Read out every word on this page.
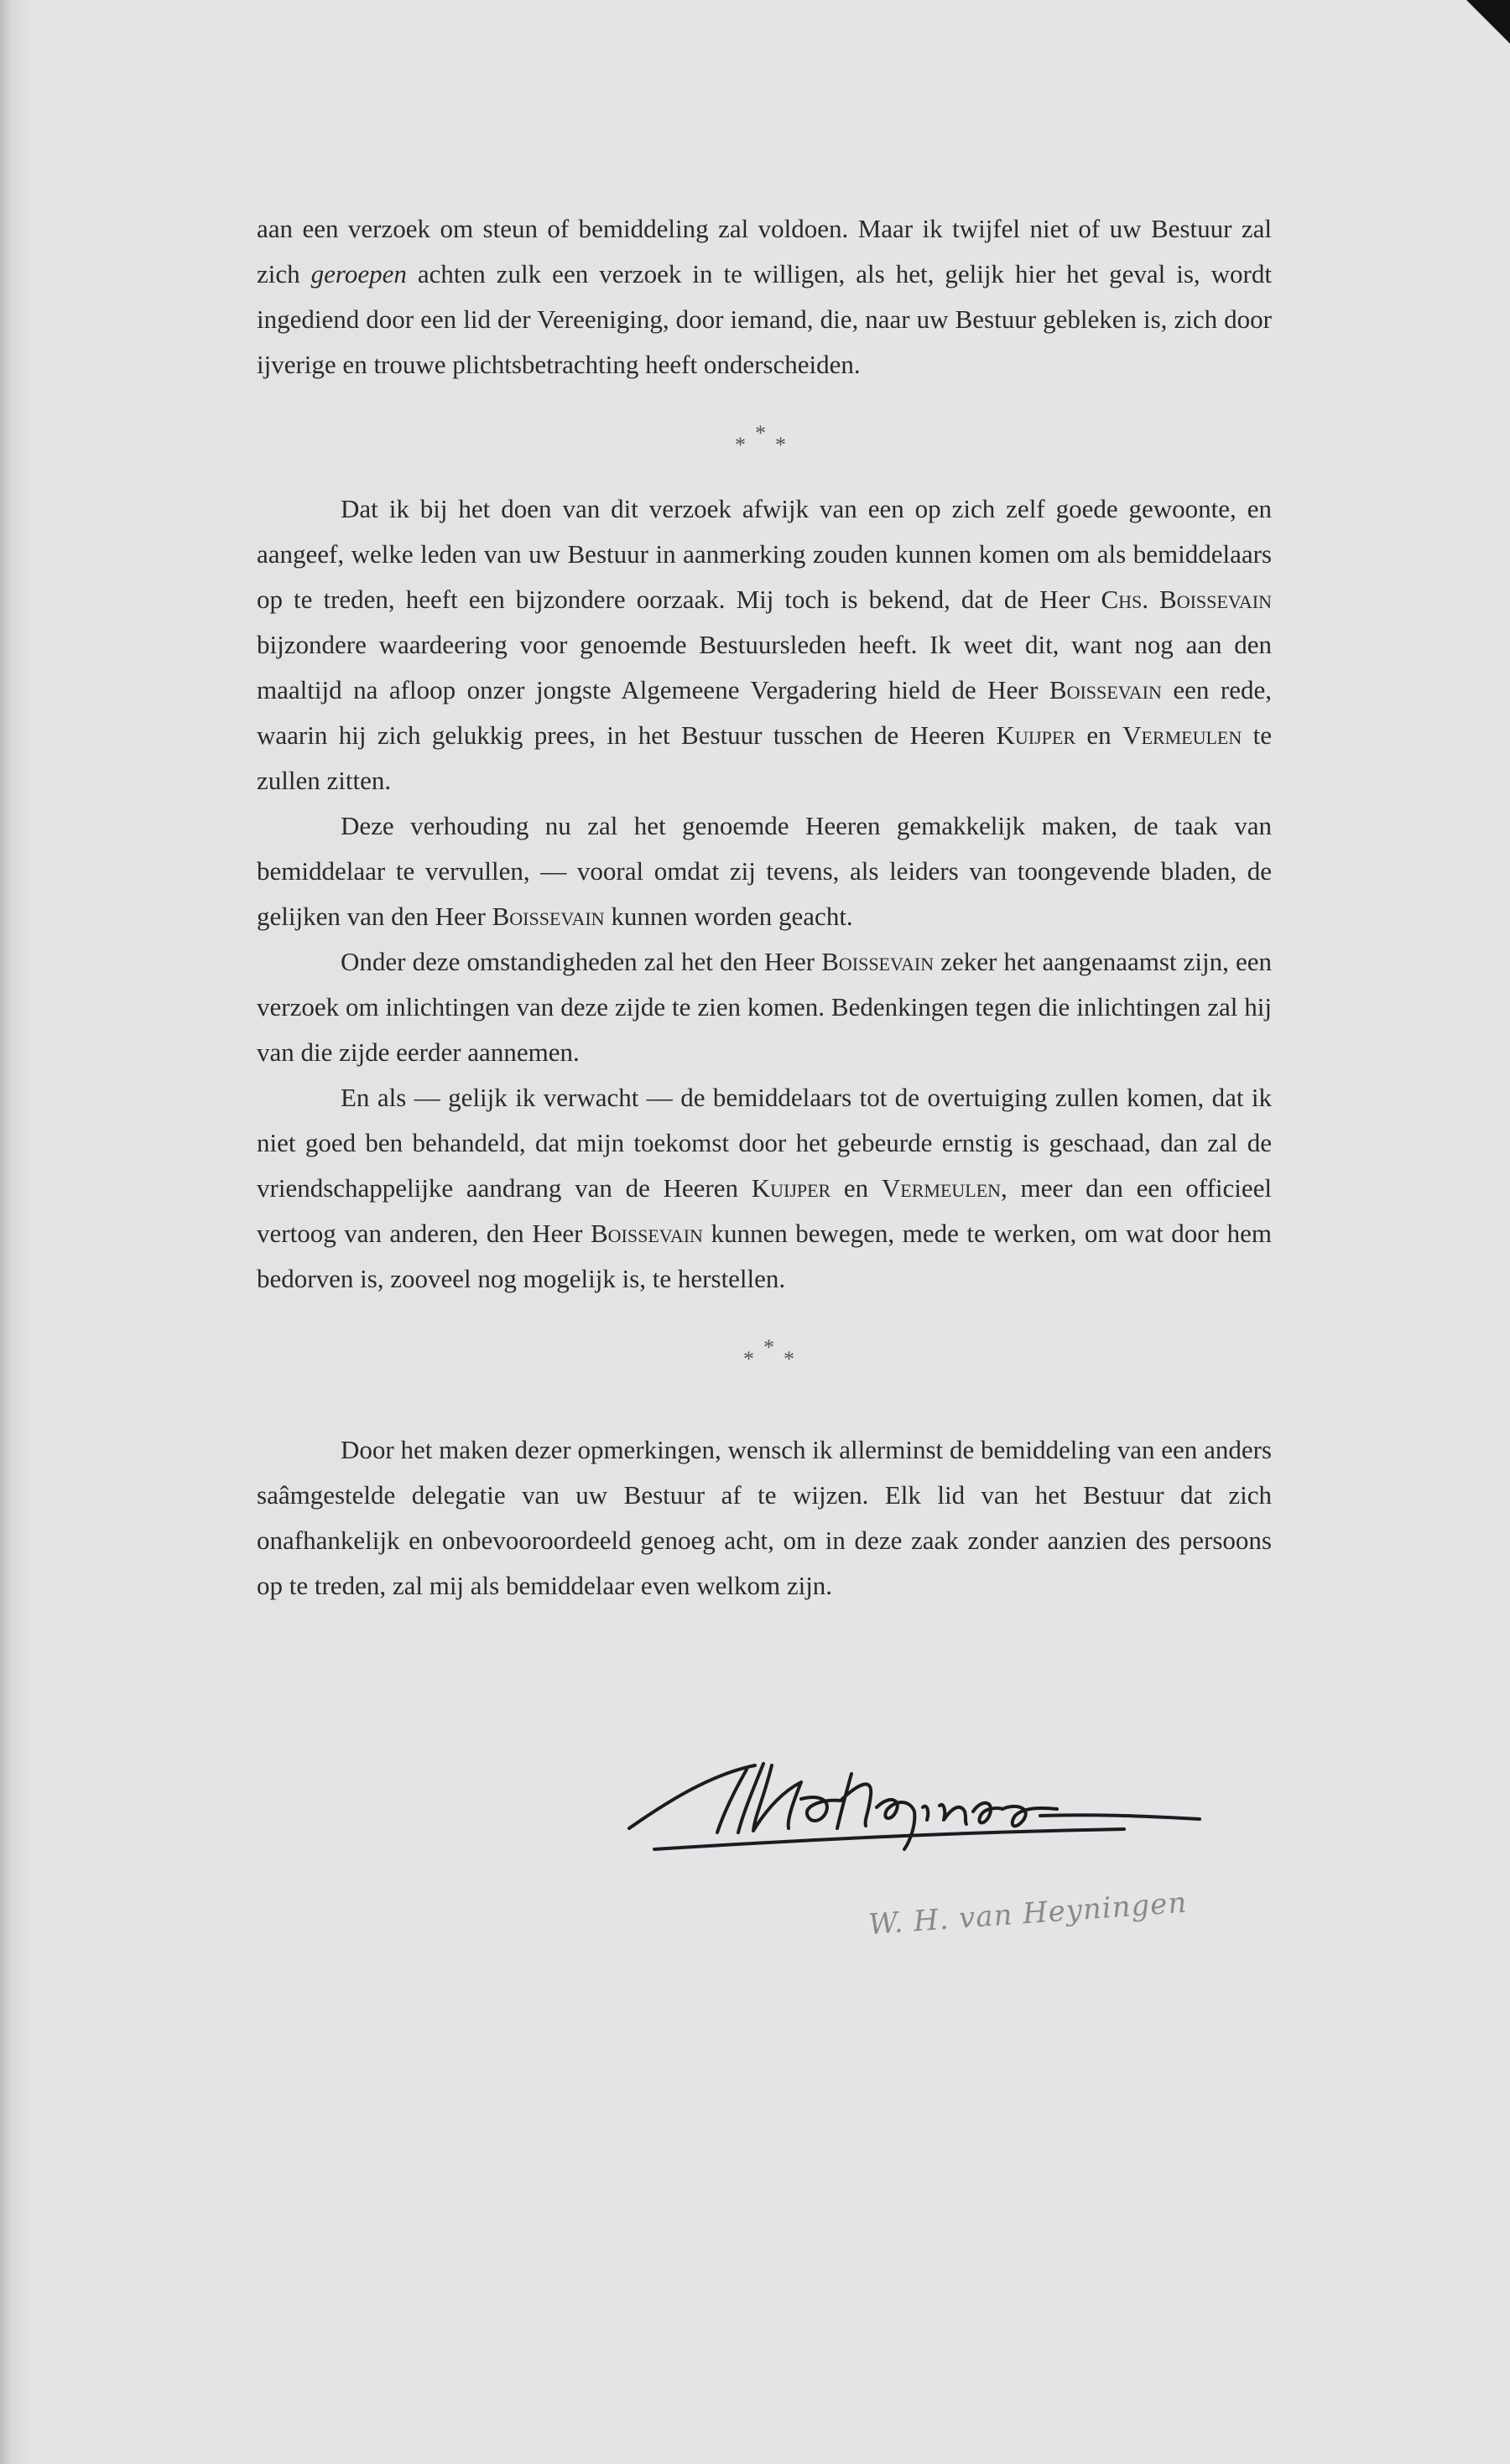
aan een verzoek om steun of bemiddeling zal voldoen. Maar ik twijfel niet of uw Bestuur zal zich geroepen achten zulk een verzoek in te willigen, als het, gelijk hier het geval is, wordt ingediend door een lid der Vereeniging, door iemand, die, naar uw Bestuur gebleken is, zich door ijverige en trouwe plichtsbetrachting heeft onderscheiden.

*
* *

Dat ik bij het doen van dit verzoek afwijk van een op zich zelf goede gewoonte, en aangeef, welke leden van uw Bestuur in aanmerking zouden kunnen komen om als bemiddelaars op te treden, heeft een bijzondere oorzaak. Mij toch is bekend, dat de Heer Chs. Boissevain bijzondere waardeering voor genoemde Bestuursleden heeft. Ik weet dit, want nog aan den maaltijd na afloop onzer jongste Algemeene Vergadering hield de Heer Boissevain een rede, waarin hij zich gelukkig prees, in het Bestuur tusschen de Heeren Kuijper en Vermeulen te zullen zitten.

Deze verhouding nu zal het genoemde Heeren gemakkelijk maken, de taak van bemiddelaar te vervullen, — vooral omdat zij tevens, als leiders van toongevende bladen, de gelijken van den Heer Boissevain kunnen worden geacht.

Onder deze omstandigheden zal het den Heer Boissevain zeker het aangenaamst zijn, een verzoek om inlichtingen van deze zijde te zien komen. Bedenkingen tegen die inlichtingen zal hij van die zijde eerder aannemen.

En als — gelijk ik verwacht — de bemiddelaars tot de overtuiging zullen komen, dat ik niet goed ben behandeld, dat mijn toekomst door het gebeurde ernstig is geschaad, dan zal de vriendschappelijke aandrang van de Heeren Kuijper en Vermeulen, meer dan een officieel vertoog van anderen, den Heer Boissevain kunnen bewegen, mede te werken, om wat door hem bedorven is, zooveel nog mogelijk is, te herstellen.

*
* *

Door het maken dezer opmerkingen, wensch ik allerminst de bemiddeling van een anders saâmgestelde delegatie van uw Bestuur af te wijzen. Elk lid van het Bestuur dat zich onafhankelijk en onbevooroordeeld genoeg acht, om in deze zaak zonder aanzien des persoons op te treden, zal mij als bemiddelaar even welkom zijn.

W. H. van Heyningen
W. H. van Heyningen
